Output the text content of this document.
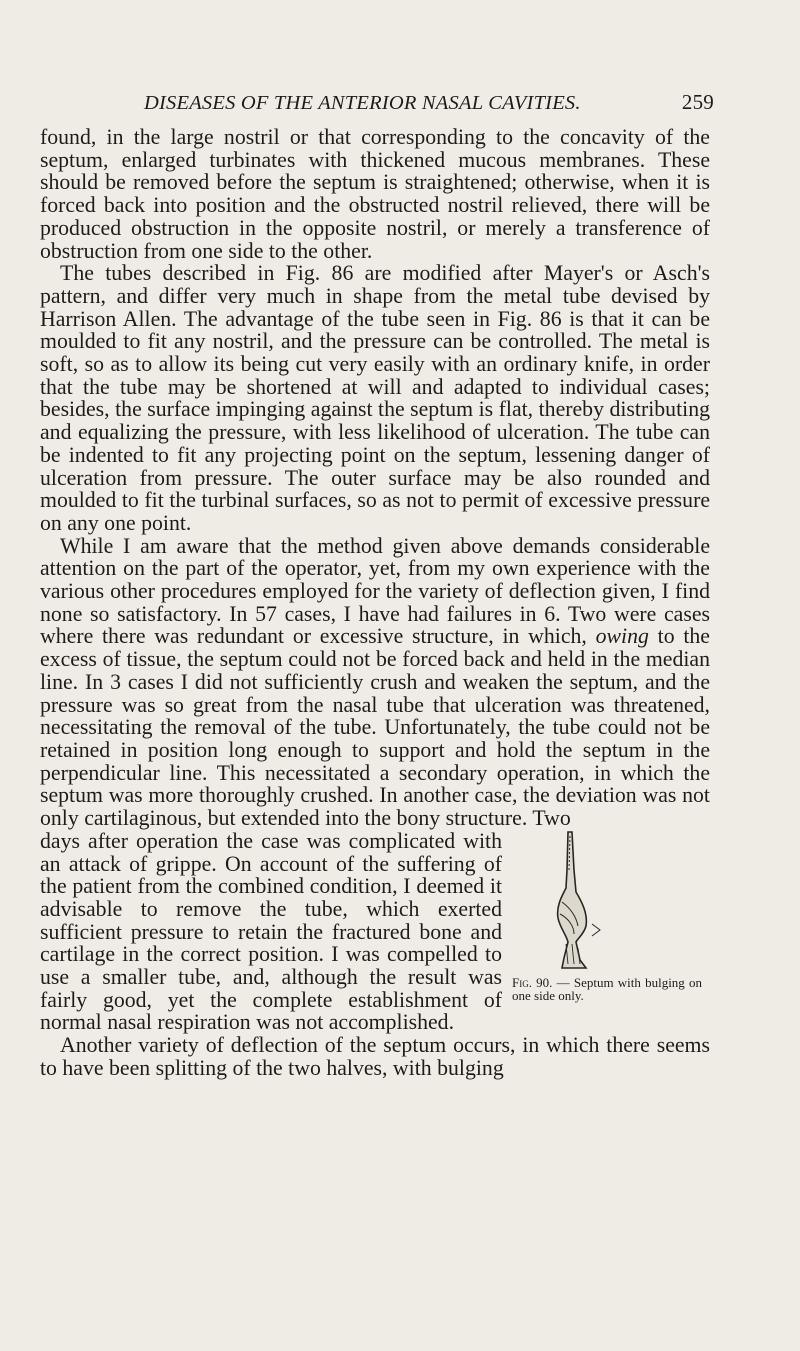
DISEASES OF THE ANTERIOR NASAL CAVITIES.	259

found, in the large nostril or that corresponding to the concavity of the septum, enlarged turbinates with thickened mucous membranes. These should be removed before the septum is straightened; otherwise, when it is forced back into position and the obstructed nostril relieved, there will be produced obstruction in the opposite nostril, or merely a transference of obstruction from one side to the other.

The tubes described in Fig. 86 are modified after Mayer's or Asch's pattern, and differ very much in shape from the metal tube devised by Harrison Allen. The advantage of the tube seen in Fig. 86 is that it can be moulded to fit any nostril, and the pressure can be controlled. The metal is soft, so as to allow its being cut very easily with an ordinary knife, in order that the tube may be shortened at will and adapted to individual cases; besides, the surface impinging against the septum is flat, thereby distributing and equalizing the pressure, with less likelihood of ulceration. The tube can be indented to fit any projecting point on the septum, lessening danger of ulceration from pressure. The outer surface may be also rounded and moulded to fit the turbinal surfaces, so as not to permit of excessive pressure on any one point.

While I am aware that the method given above demands considerable attention on the part of the operator, yet, from my own experience with the various other procedures employed for the variety of deflection given, I find none so satisfactory. In 57 cases, I have had failures in 6. Two were cases where there was redundant or excessive structure, in which, owing to the excess of tissue, the septum could not be forced back and held in the median line. In 3 cases I did not sufficiently crush and weaken the septum, and the pressure was so great from the nasal tube that ulceration was threatened, necessitating the removal of the tube. Unfortunately, the tube could not be retained in position long enough to support and hold the septum in the perpendicular line. This necessitated a secondary operation, in which the septum was more thoroughly crushed. In another case, the deviation was not only cartilaginous, but extended into the bony structure. Two

days after operation the case was complicated with an attack of grippe. On account of the suffering of the patient from the combined condition, I deemed it advisable to remove the tube, which exerted sufficient pressure to retain the fractured bone and cartilage in the correct position. I was compelled to use a smaller tube, and, although the result was fairly good, yet the complete establishment of normal nasal respiration was not accomplished.

Fig. 90. — Septum with bulging on one side only.

Another variety of deflection of the septum occurs, in which there seems to have been splitting of the two halves, with bulging
